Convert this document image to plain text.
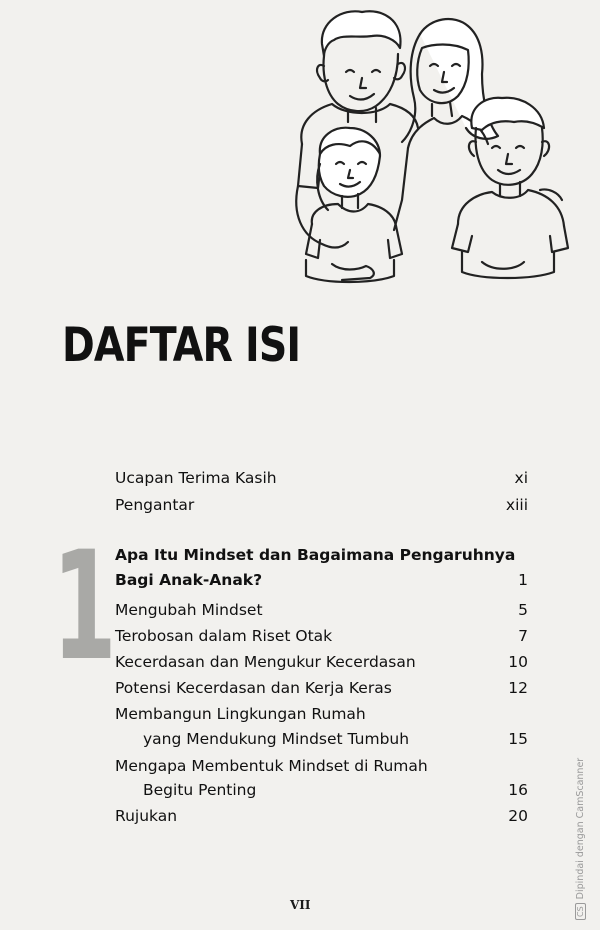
DAFTAR ISI
Ucapan Terima Kasih	xi
Pengantar	xiii
1
Apa Itu Mindset dan Bagaimana Pengaruhnya
Bagi Anak-Anak?	1
Mengubah Mindset	5
Terobosan dalam Riset Otak	7
Kecerdasan dan Mengukur Kecerdasan	10
Potensi Kecerdasan dan Kerja Keras	12
Membangun Lingkungan Rumah
yang Mendukung Mindset Tumbuh	15
Mengapa Membentuk Mindset di Rumah
Begitu Penting	16
Rujukan	20
VII	CSDipindai dengan CamScanner
